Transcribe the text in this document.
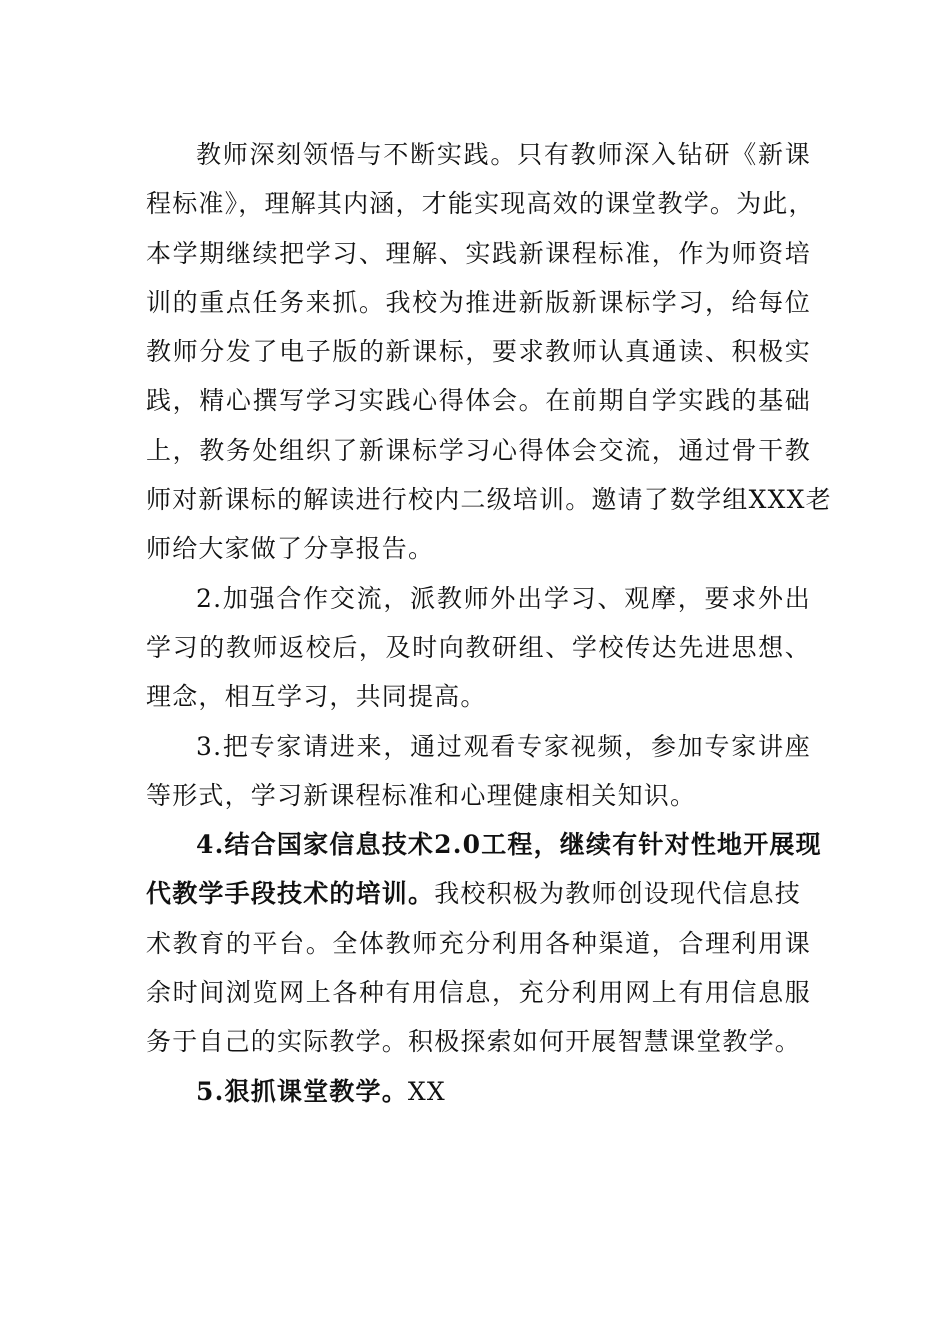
教师深刻领悟与不断实践。只有教师深入钻研《新课
程标准》，理解其内涵，才能实现高效的课堂教学。为此，
本学期继续把学习、理解、实践新课程标准，作为师资培
训的重点任务来抓。我校为推进新版新课标学习，给每位
教师分发了电子版的新课标，要求教师认真通读、积极实
践，精心撰写学习实践心得体会。在前期自学实践的基础
上，教务处组织了新课标学习心得体会交流，通过骨干教
师对新课标的解读进行校内二级培训。邀请了数学组XXX老
师给大家做了分享报告。
2.加强合作交流，派教师外出学习、观摩，要求外出
学习的教师返校后，及时向教研组、学校传达先进思想、
理念，相互学习，共同提高。
3.把专家请进来，通过观看专家视频，参加专家讲座
等形式，学习新课程标准和心理健康相关知识。
4.结合国家信息技术2.0工程，继续有针对性地开展现
代教学手段技术的培训。我校积极为教师创设现代信息技
术教育的平台。全体教师充分利用各种渠道，合理利用课
余时间浏览网上各种有用信息，充分利用网上有用信息服
务于自己的实际教学。积极探索如何开展智慧课堂教学。
5.狠抓课堂教学。XX
